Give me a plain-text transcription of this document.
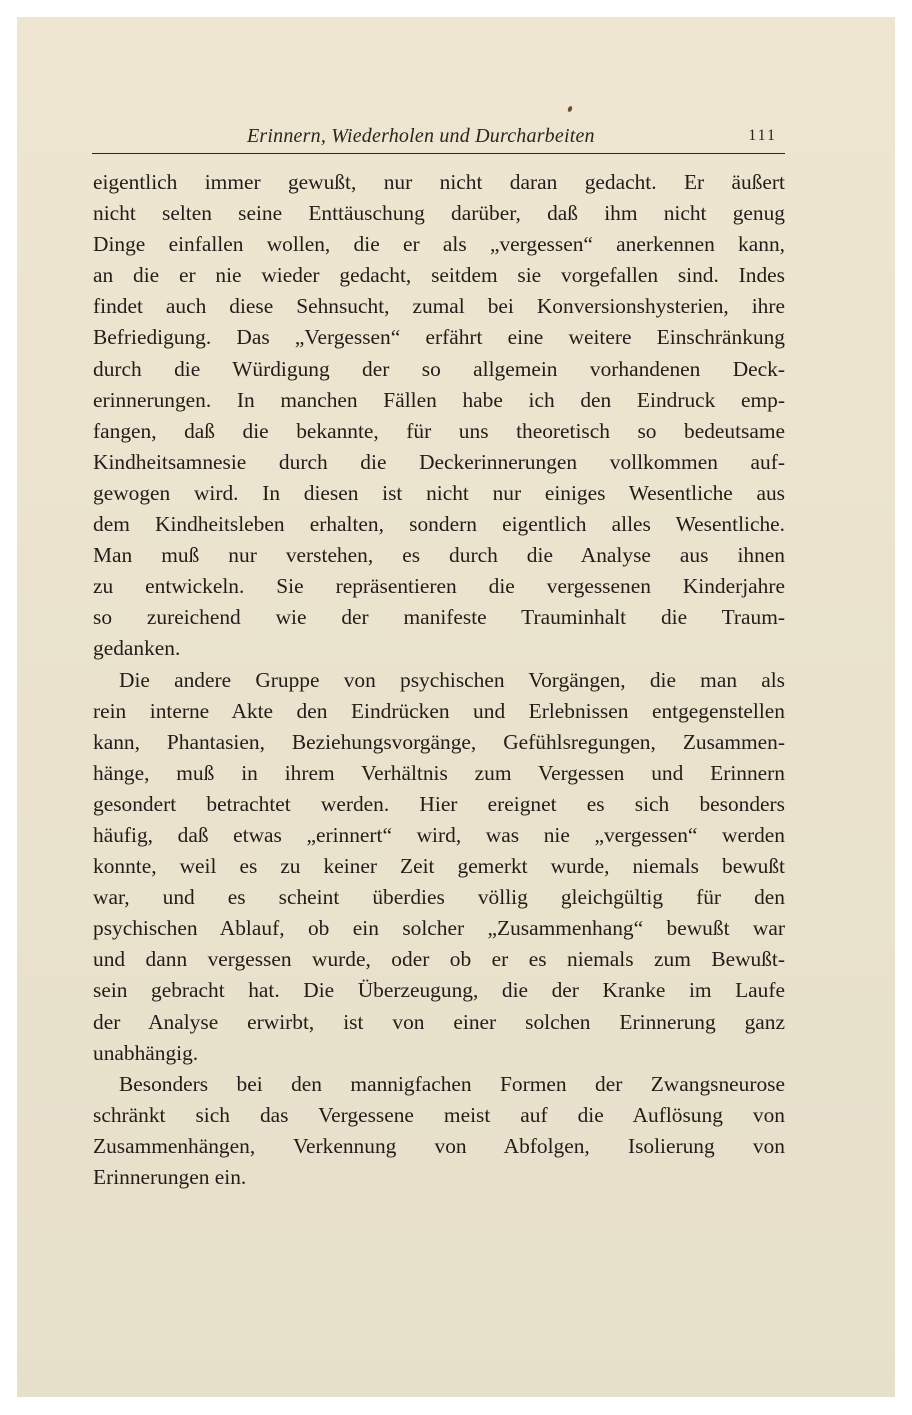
Erinnern, Wiederholen und Durcharbeiten	111
eigentlich immer gewußt, nur nicht daran gedacht. Er äußert
nicht selten seine Enttäuschung darüber, daß ihm nicht genug
Dinge einfallen wollen, die er als „vergessen“ anerkennen kann,
an die er nie wieder gedacht, seitdem sie vorgefallen sind. Indes
findet auch diese Sehnsucht, zumal bei Konversionshysterien, ihre
Befriedigung. Das „Vergessen“ erfährt eine weitere Einschränkung
durch die Würdigung der so allgemein vorhandenen Deck-
erinnerungen. In manchen Fällen habe ich den Eindruck emp-
fangen, daß die bekannte, für uns theoretisch so bedeutsame
Kindheitsamnesie durch die Deckerinnerungen vollkommen auf-
gewogen wird. In diesen ist nicht nur einiges Wesentliche aus
dem Kindheitsleben erhalten, sondern eigentlich alles Wesentliche.
Man muß nur verstehen, es durch die Analyse aus ihnen
zu entwickeln. Sie repräsentieren die vergessenen Kinderjahre
so zureichend wie der manifeste Trauminhalt die Traum-
gedanken.
Die andere Gruppe von psychischen Vorgängen, die man als
rein interne Akte den Eindrücken und Erlebnissen entgegenstellen
kann, Phantasien, Beziehungsvorgänge, Gefühlsregungen, Zusammen-
hänge, muß in ihrem Verhältnis zum Vergessen und Erinnern
gesondert betrachtet werden. Hier ereignet es sich besonders
häufig, daß etwas „erinnert“ wird, was nie „vergessen“ werden
konnte, weil es zu keiner Zeit gemerkt wurde, niemals bewußt
war, und es scheint überdies völlig gleichgültig für den
psychischen Ablauf, ob ein solcher „Zusammenhang“ bewußt war
und dann vergessen wurde, oder ob er es niemals zum Bewußt-
sein gebracht hat. Die Überzeugung, die der Kranke im Laufe
der Analyse erwirbt, ist von einer solchen Erinnerung ganz
unabhängig.
Besonders bei den mannigfachen Formen der Zwangsneurose
schränkt sich das Vergessene meist auf die Auflösung von
Zusammenhängen, Verkennung von Abfolgen, Isolierung von
Erinnerungen ein.
